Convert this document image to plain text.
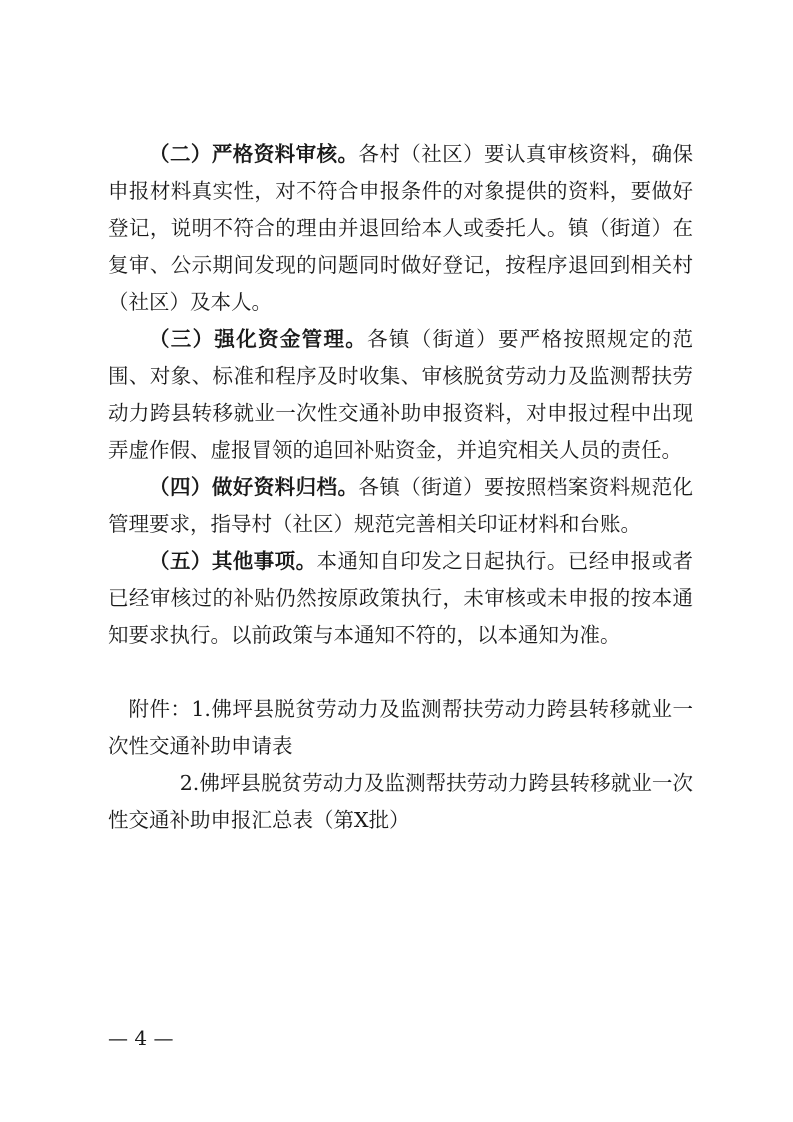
（二）严格资料审核。各村（社区）要认真审核资料，确保申报材料真实性，对不符合申报条件的对象提供的资料，要做好登记，说明不符合的理由并退回给本人或委托人。镇（街道）在复审、公示期间发现的问题同时做好登记，按程序退回到相关村（社区）及本人。

（三）强化资金管理。各镇（街道）要严格按照规定的范围、对象、标准和程序及时收集、审核脱贫劳动力及监测帮扶劳动力跨县转移就业一次性交通补助申报资料，对申报过程中出现弄虚作假、虚报冒领的追回补贴资金，并追究相关人员的责任。

（四）做好资料归档。各镇（街道）要按照档案资料规范化管理要求，指导村（社区）规范完善相关印证材料和台账。

（五）其他事项。本通知自印发之日起执行。已经申报或者已经审核过的补贴仍然按原政策执行，未审核或未申报的按本通知要求执行。以前政策与本通知不符的，以本通知为准。

附件：1.佛坪县脱贫劳动力及监测帮扶劳动力跨县转移就业一次性交通补助申请表

2.佛坪县脱贫劳动力及监测帮扶劳动力跨县转移就业一次性交通补助申报汇总表（第X批）

— 4 —
